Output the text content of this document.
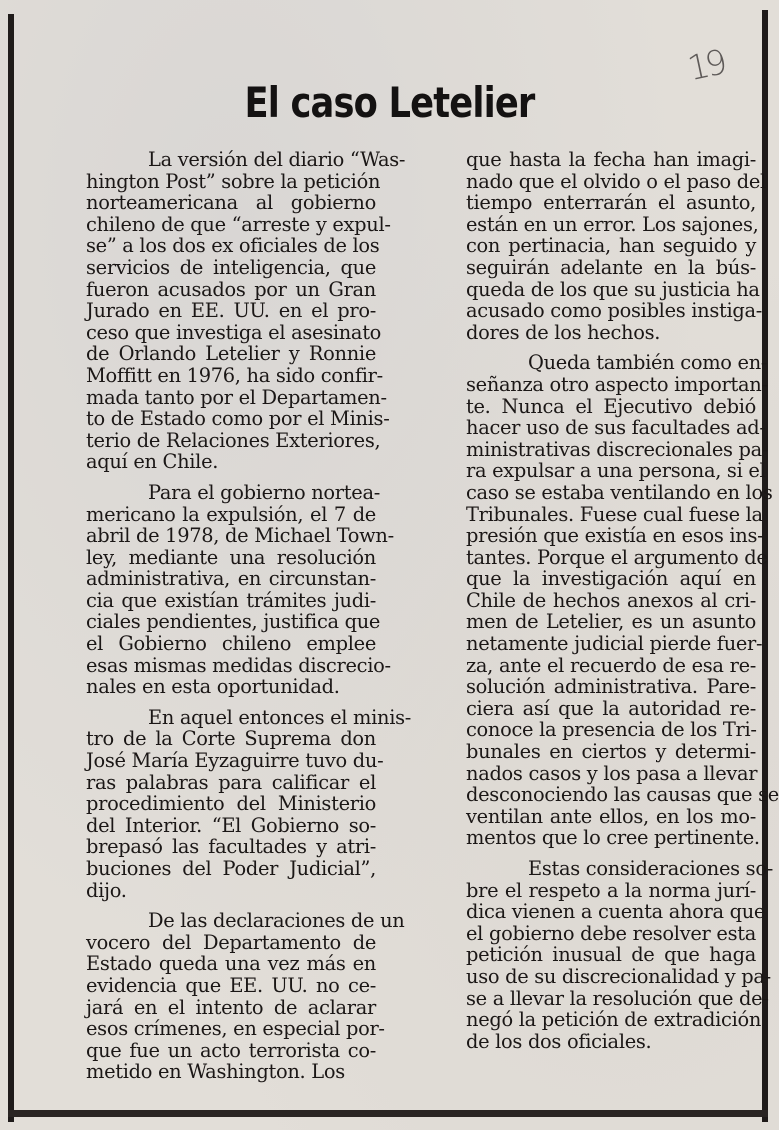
19
El caso Letelier
La versión del diario “Was-
hington Post” sobre la petición
norteamericana al gobierno
chileno de que “arreste y expul-
se” a los dos ex oficiales de los
servicios de inteligencia, que
fueron acusados por un Gran
Jurado en EE. UU. en el pro-
ceso que investiga el asesinato
de Orlando Letelier y Ronnie
Moffitt en 1976, ha sido confir-
mada tanto por el Departamen-
to de Estado como por el Minis-
terio de Relaciones Exteriores,
aquí en Chile.
Para el gobierno nortea-
mericano la expulsión, el 7 de
abril de 1978, de Michael Town-
ley, mediante una resolución
administrativa, en circunstan-
cia que existían trámites judi-
ciales pendientes, justifica que
el Gobierno chileno emplee
esas mismas medidas discrecio-
nales en esta oportunidad.
En aquel entonces el minis-
tro de la Corte Suprema don
José María Eyzaguirre tuvo du-
ras palabras para calificar el
procedimiento del Ministerio
del Interior. “El Gobierno so-
brepasó las facultades y atri-
buciones del Poder Judicial”,
dijo.
De las declaraciones de un
vocero del Departamento de
Estado queda una vez más en
evidencia que EE. UU. no ce-
jará en el intento de aclarar
esos crímenes, en especial por-
que fue un acto terrorista co-
metido en Washington. Los
que hasta la fecha han imagi-
nado que el olvido o el paso del
tiempo enterrarán el asunto,
están en un error. Los sajones,
con pertinacia, han seguido y
seguirán adelante en la bús-
queda de los que su justicia ha
acusado como posibles instiga-
dores de los hechos.
Queda también como en-
señanza otro aspecto importan-
te. Nunca el Ejecutivo debió
hacer uso de sus facultades ad-
ministrativas discrecionales pa-
ra expulsar a una persona, si el
caso se estaba ventilando en los
Tribunales. Fuese cual fuese la
presión que existía en esos ins-
tantes. Porque el argumento de
que la investigación aquí en
Chile de hechos anexos al cri-
men de Letelier, es un asunto
netamente judicial pierde fuer-
za, ante el recuerdo de esa re-
solución administrativa. Pare-
ciera así que la autoridad re-
conoce la presencia de los Tri-
bunales en ciertos y determi-
nados casos y los pasa a llevar
desconociendo las causas que se
ventilan ante ellos, en los mo-
mentos que lo cree pertinente.
Estas consideraciones so-
bre el respeto a la norma jurí-
dica vienen a cuenta ahora que
el gobierno debe resolver esta
petición inusual de que haga
uso de su discrecionalidad y pa-
se a llevar la resolución que de-
negó la petición de extradición
de los dos oficiales.
